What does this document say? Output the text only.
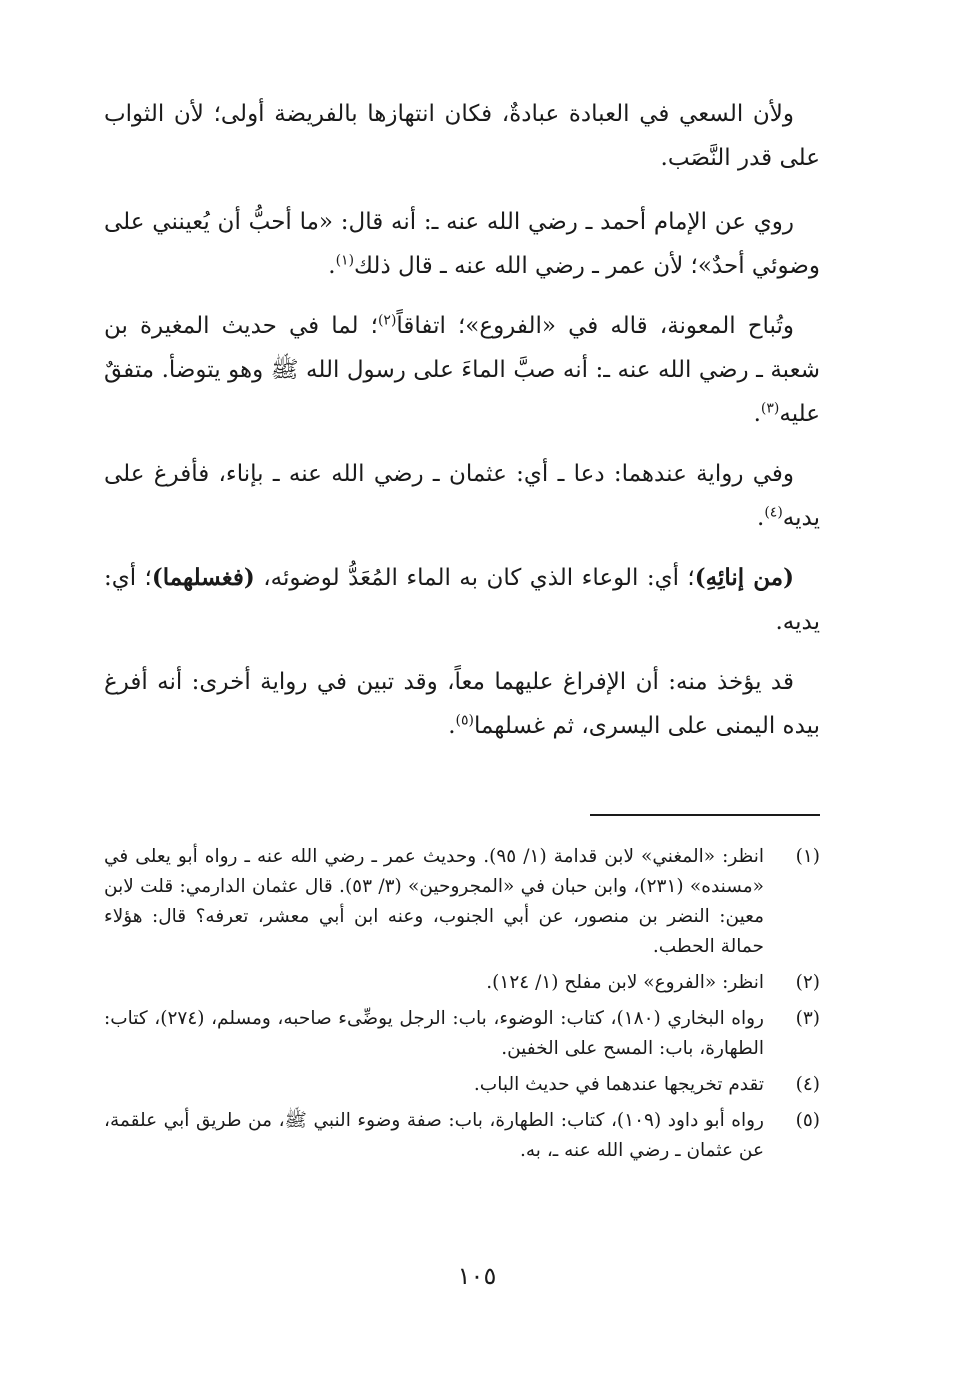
ولأن السعي في العبادة عبادةٌ، فكان انتهازها بالفريضة أولى؛ لأن الثواب على قدر النَّصَب.

روي عن الإمام أحمد ـ رضي الله عنه ـ: أنه قال: «ما أحبُّ أن يُعينني على وضوئي أحدٌ»؛ لأن عمر ـ رضي الله عنه ـ قال ذلك$^{(١)}$.

وتُباح المعونة، قاله في «الفروع»؛ اتفاقاً$^{(٢)}$؛ لما في حديث المغيرة بن شعبة ـ رضي الله عنه ـ: أنه صبَّ الماءَ على رسول الله ﷺ وهو يتوضأ. متفقٌ عليه$^{(٣)}$.

وفي رواية عندهما: دعا ـ أي: عثمان ـ رضي الله عنه ـ بإناء، فأفرغ على يديه$^{(٤)}$.

(من إنائِهِ)؛ أي: الوعاء الذي كان به الماء المُعَدُّ لوضوئه، (فغسلهما)؛ أي: يديه.

قد يؤخذ منه: أن الإفراغ عليهما معاً، وقد تبين في رواية أخرى: أنه أفرغ بيده اليمنى على اليسرى، ثم غسلهما$^{(٥)}$.

(١)
انظر: «المغني» لابن قدامة (١/ ٩٥). وحديث عمر ـ رضي الله عنه ـ رواه أبو يعلى في «مسنده» (٢٣١)، وابن حبان في «المجروحين» (٣/ ٥٣). قال عثمان الدارمي: قلت لابن معين: النضر بن منصور، عن أبي الجنوب، وعنه ابن أبي معشر، تعرفه؟ قال: هؤلاء حمالة الحطب.
(٢)
انظر: «الفروع» لابن مفلح (١/ ١٢٤).
(٣)
رواه البخاري (١٨٠)، كتاب: الوضوء، باب: الرجل يوضِّىء صاحبه، ومسلم، (٢٧٤)، كتاب: الطهارة، باب: المسح على الخفين.
(٤)
تقدم تخريجها عندهما في حديث الباب.
(٥)
رواه أبو داود (١٠٩)، كتاب: الطهارة، باب: صفة وضوء النبي ﷺ، من طريق أبي علقمة، عن عثمان ـ رضي الله عنه ـ، به.
١٠٥
